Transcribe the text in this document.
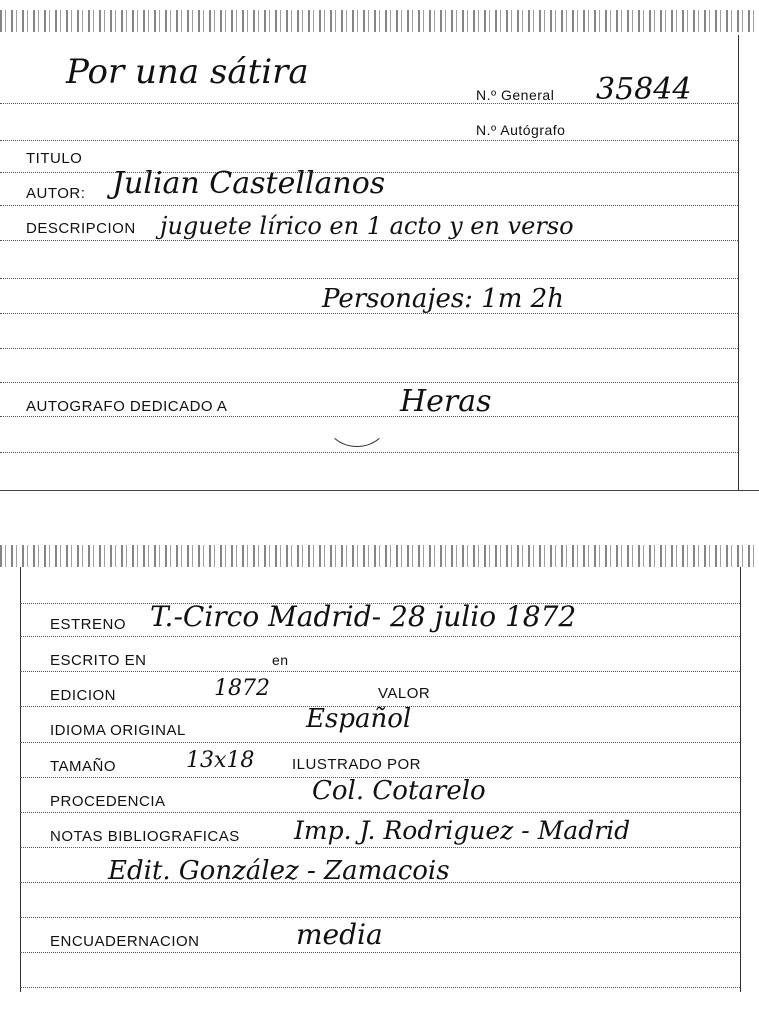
Por una sátira
N.º General 35844
N.º Autógrafo
TITULO
AUTOR: Julian Castellanos
DESCRIPCION juguete lírico en 1 acto y en verso
Personajes: 1m 2h
AUTOGRAFO DEDICADO A	Heras
ESTRENO T.-Circo Madrid- 28 julio 1872
ESCRITO EN	en
EDICION	1872	VALOR
IDIOMA ORIGINAL	Español
TAMAÑO	13x18	ILUSTRADO POR
PROCEDENCIA	Col. Cotarelo
NOTAS BIBLIOGRAFICAS Imp. J. Rodriguez - Madrid
Edit. González - Zamacois
ENCUADERNACION	media
